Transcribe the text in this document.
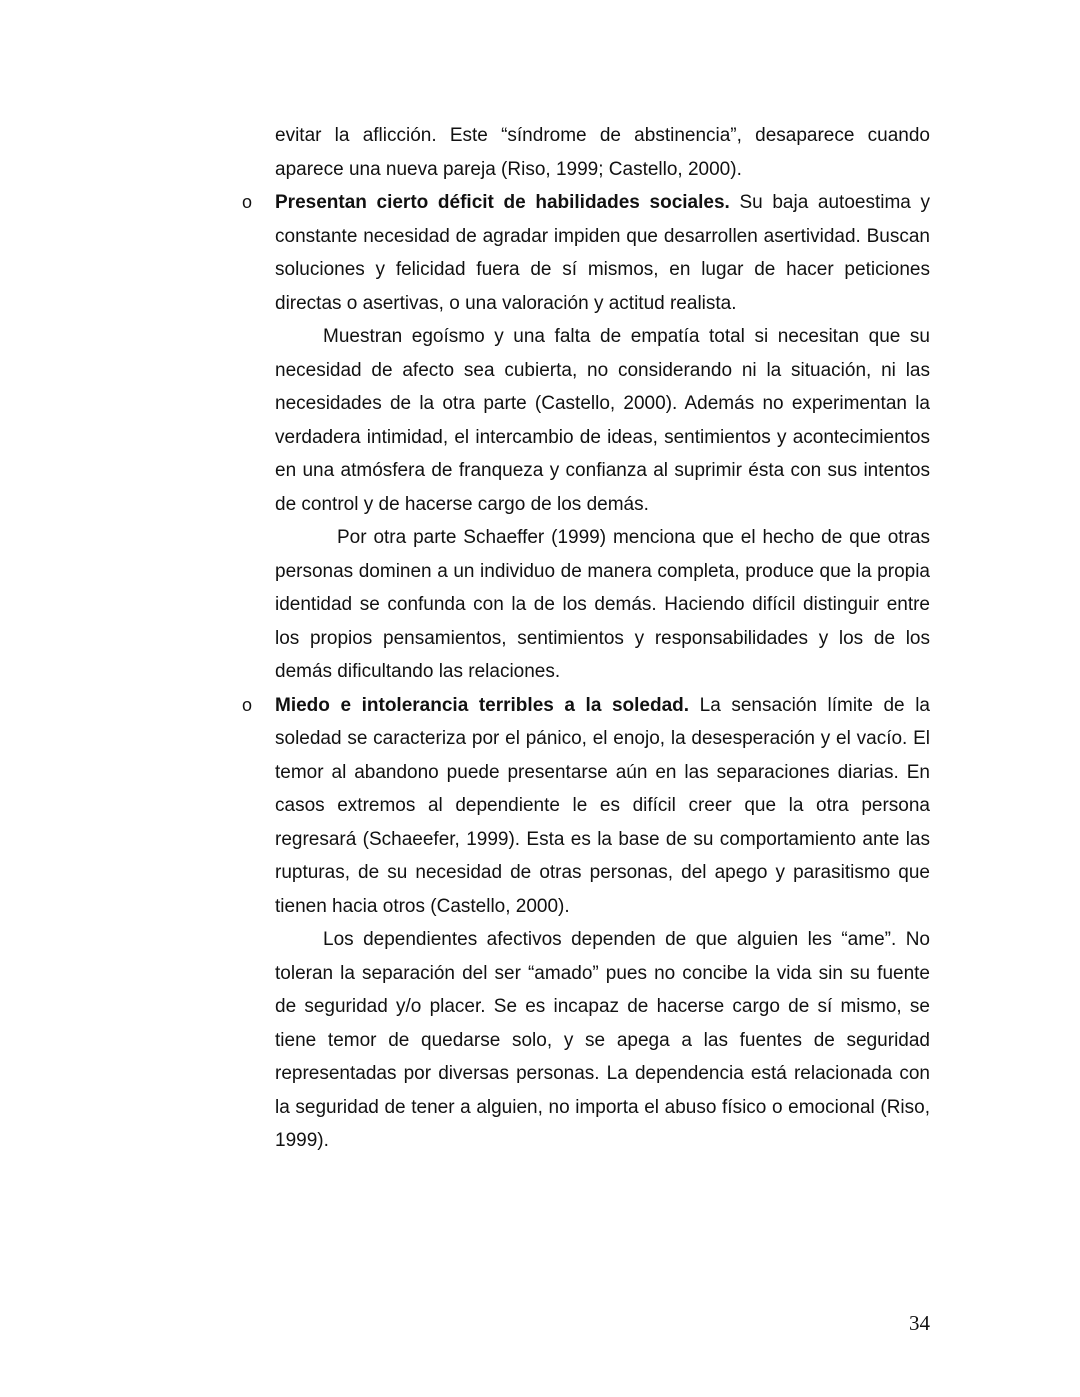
evitar la aflicción. Este “síndrome de abstinencia”, desaparece cuando aparece una nueva pareja (Riso, 1999; Castello, 2000).

o Presentan cierto déficit de habilidades sociales. Su baja autoestima y constante necesidad de agradar impiden que desarrollen asertividad. Buscan soluciones y felicidad fuera de sí mismos, en lugar de hacer peticiones directas o asertivas, o una valoración y actitud realista.

Muestran egoísmo y una falta de empatía total si necesitan que su necesidad de afecto sea cubierta, no considerando ni la situación, ni las necesidades de la otra parte (Castello, 2000). Además no experimentan la verdadera intimidad, el intercambio de ideas, sentimientos y acontecimientos en una atmósfera de franqueza y confianza al suprimir ésta con sus intentos de control y de hacerse cargo de los demás.

Por otra parte Schaeffer (1999) menciona que el hecho de que otras personas dominen a un individuo de manera completa, produce que la propia identidad se confunda con la de los demás. Haciendo difícil distinguir entre los propios pensamientos, sentimientos y responsabilidades y los de los demás dificultando las relaciones.

o Miedo e intolerancia terribles a la soledad. La sensación límite de la soledad se caracteriza por el pánico, el enojo, la desesperación y el vacío. El temor al abandono puede presentarse aún en las separaciones diarias. En casos extremos al dependiente le es difícil creer que la otra persona regresará (Schaeefer, 1999). Esta es la base de su comportamiento ante las rupturas, de su necesidad de otras personas, del apego y parasitismo que tienen hacia otros (Castello, 2000).

Los dependientes afectivos dependen de que alguien les “ame”. No toleran la separación del ser “amado” pues no concibe la vida sin su fuente de seguridad y/o placer. Se es incapaz de hacerse cargo de sí mismo, se tiene temor de quedarse solo, y se apega a las fuentes de seguridad representadas por diversas personas. La dependencia está relacionada con la seguridad de tener a alguien, no importa el abuso físico o emocional (Riso, 1999).

34
